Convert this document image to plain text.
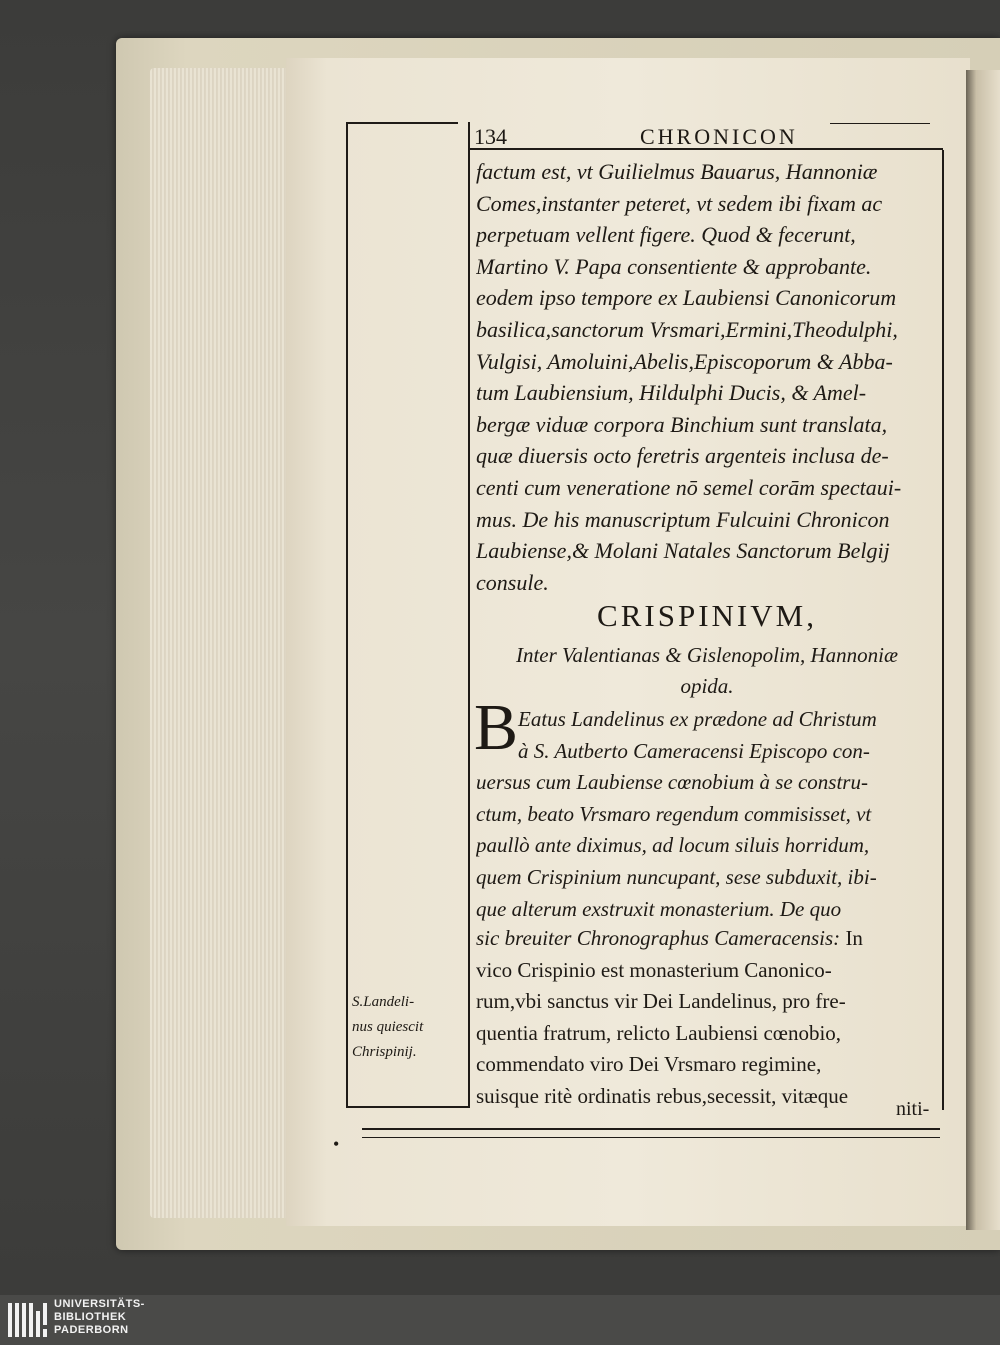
134	CHRONICON
factum est, vt Guilielmus Bauarus, Hannoniæ
Comes,instanter peteret, vt sedem ibi fixam ac
perpetuam vellent figere. Quod & fecerunt,
Martino V. Papa consentiente & approbante.
eodem ipso tempore ex Laubiensi Canonicorum
basilica,sanctorum Vrsmari,Ermini,Theodulphi,
Vulgisi, Amoluini,Abelis,Episcoporum & Abba-
tum Laubiensium, Hildulphi Ducis, & Amel-
bergæ viduæ corpora Binchium sunt translata,
quæ diuersis octo feretris argenteis inclusa de-
centi cum veneratione nō semel corām spectaui-
mus. De his manuscriptum Fulcuini Chronicon
Laubiense,& Molani Natales Sanctorum Belgij
consule.
CRISPINIVM,
Inter Valentianas & Gislenopolim, Hannoniæ
opida.
B Eatus Landelinus ex prædone ad Christum
à S. Autberto Cameracensi Episcopo con-
uersus cum Laubiense cœnobium à se constru-
ctum, beato Vrsmaro regendum commisisset, vt
paullò ante diximus, ad locum siluis horridum,
quem Crispinium nuncupant, sese subduxit, ibi-
que alterum exstruxit monasterium. De quo
sic breuiter Chronographus Cameracensis: In
vico Crispinio est monasterium Canonico-
rum,vbi sanctus vir Dei Landelinus, pro fre-
quentia fratrum, relicto Laubiensi cœnobio,
commendato viro Dei Vrsmaro regimine,
suisque ritè ordinatis rebus,secessit, vitæque
niti-
S.Landeli-
nus quiescit
Chrispinij.
•
UNIVERSITÄTS-
BIBLIOTHEK
PADERBORN
